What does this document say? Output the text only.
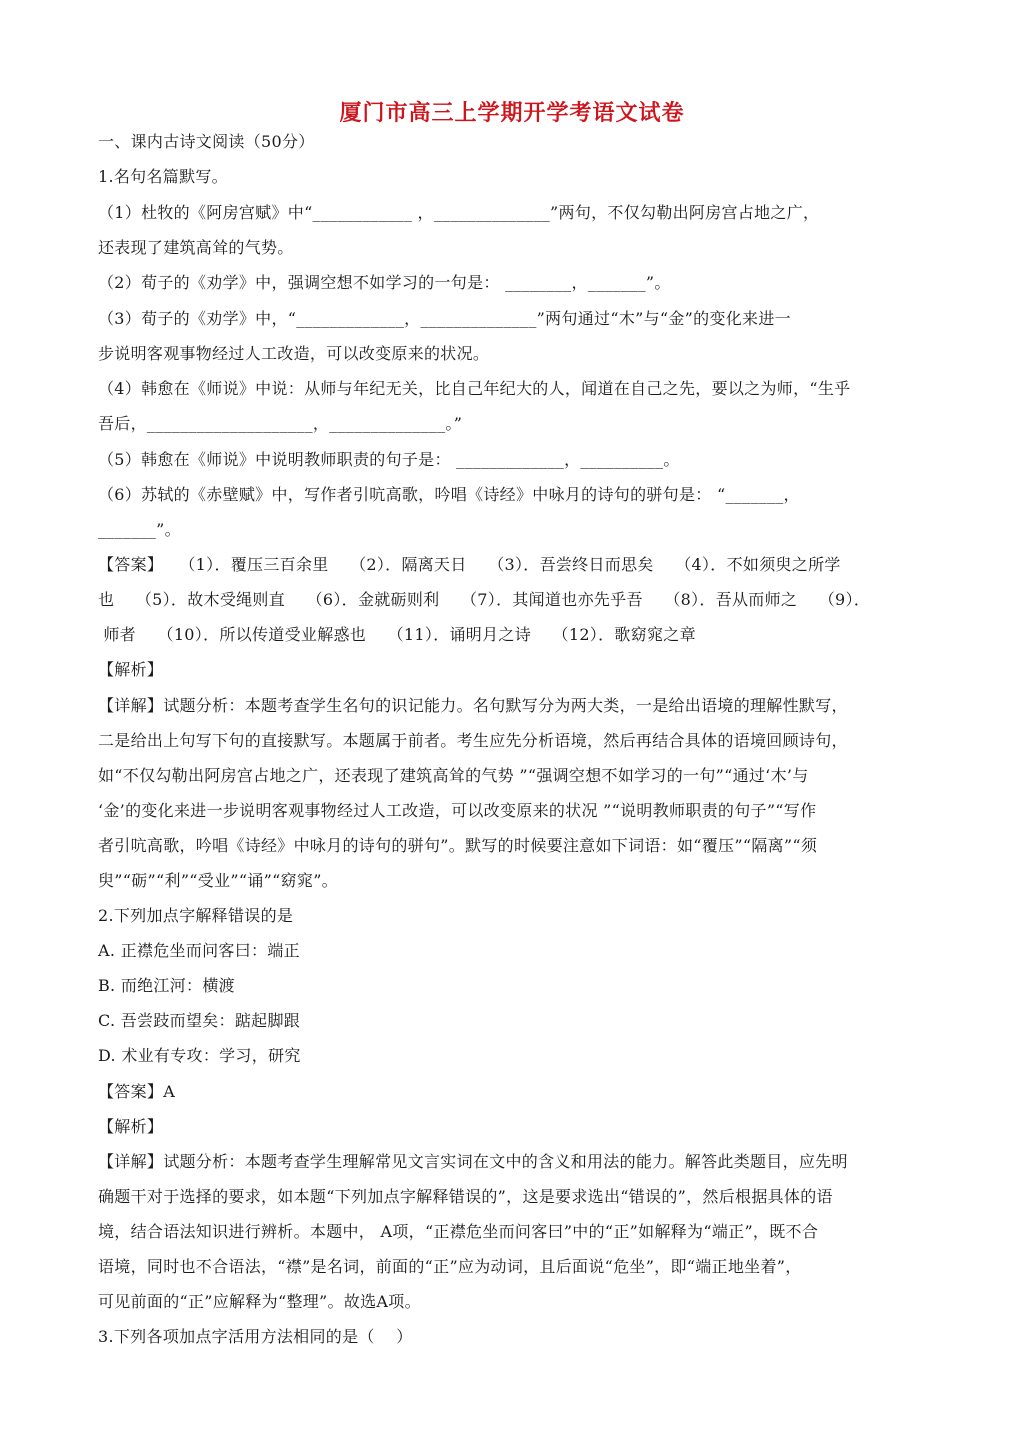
厦门市高三上学期开学考语文试卷
一、课内古诗文阅读（50分）
1.名句名篇默写。
（1）杜牧的《阿房宫赋》中“____________ ，______________”两句，不仅勾勒出阿房宫占地之广，
还表现了建筑高耸的气势。
（2）荀子的《劝学》中，强调空想不如学习的一句是： ________，_______”。
（3）荀子的《劝学》中，“_____________，______________”两句通过“木”与“金”的变化来进一
步说明客观事物经过人工改造，可以改变原来的状况。
（4）韩愈在《师说》中说：从师与年纪无关，比自己年纪大的人，闻道在自己之先，要以之为师，“生乎
吾后，____________________，______________。”
（5）韩愈在《师说》中说明教师职责的句子是： _____________，__________。
（6）苏轼的《赤壁赋》中，写作者引吭高歌，吟唱《诗经》中咏月的诗句的骈句是： “_______，
_______”。
【答案】   （1）．覆压三百余里    （2）．隔离天日    （3）．吾尝终日而思矣    （4）．不如须臾之所学
也    （5）．故木受绳则直    （6）．金就砺则利    （7）．其闻道也亦先乎吾    （8）．吾从而师之    （9）．
师者    （10）．所以传道受业解惑也    （11）．诵明月之诗    （12）．歌窈窕之章
【解析】
【详解】试题分析：本题考查学生名句的识记能力。名句默写分为两大类，一是给出语境的理解性默写，
二是给出上句写下句的直接默写。本题属于前者。考生应先分析语境，然后再结合具体的语境回顾诗句，
如“不仅勾勒出阿房宫占地之广，还表现了建筑高耸的气势 ”“强调空想不如学习的一句”“通过‘木’与
‘金’的变化来进一步说明客观事物经过人工改造，可以改变原来的状况 ”“说明教师职责的句子”“写作
者引吭高歌，吟唱《诗经》中咏月的诗句的骈句”。默写的时候要注意如下词语：如“覆压”“隔离”“须
臾”“砺”“利”“受业”“诵”“窈窕”。
2.下列加点字解释错误的是
A. 正襟危坐而问客曰：端正
B. 而绝江河：横渡
C. 吾尝跂而望矣：踮起脚跟
D. 术业有专攻：学习，研究
【答案】A
【解析】
【详解】试题分析：本题考查学生理解常见文言实词在文中的含义和用法的能力。解答此类题目，应先明
确题干对于选择的要求，如本题“下列加点字解释错误的”，这是要求选出“错误的”，然后根据具体的语
境，结合语法知识进行辨析。本题中， A项，“正襟危坐而问客曰”中的“正”如解释为“端正”，既不合
语境，同时也不合语法，“襟”是名词，前面的“正”应为动词，且后面说“危坐”，即“端正地坐着”，
可见前面的“正”应解释为“整理”。故选A项。
3.下列各项加点字活用方法相同的是（    ）
